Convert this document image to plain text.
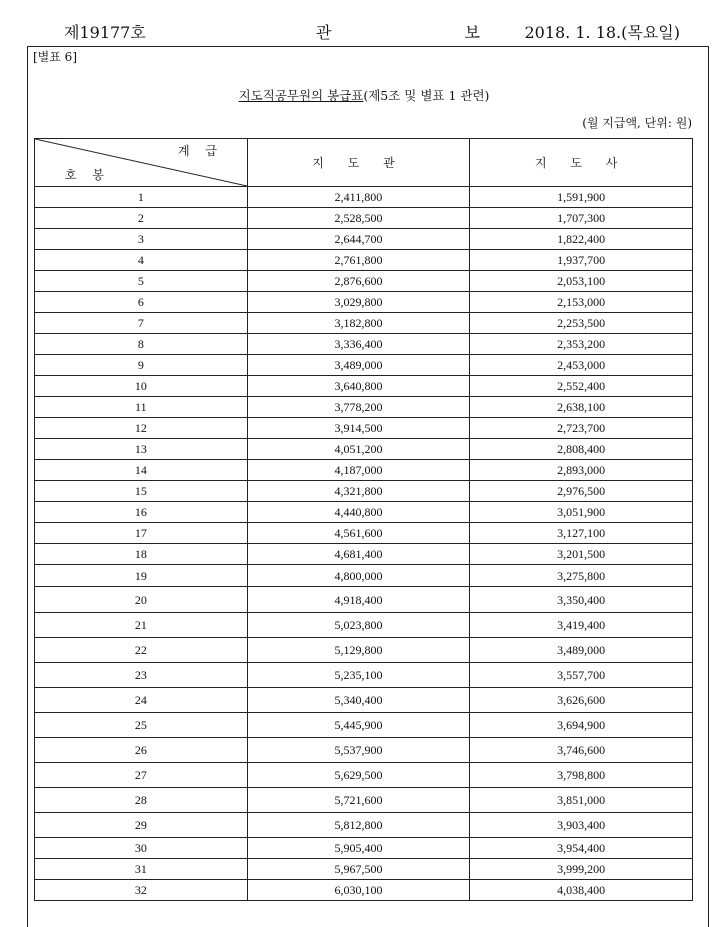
제19177호	관 보
2018. 1. 18.(목요일)
[별표 6]
지도직공무원의 봉급표(제5조 및 별표 1 관련)
(월 지급액, 단위: 원)
계 급
호 봉	지 도 관	지 도 사
1	2,411,800	1,591,900
2	2,528,500	1,707,300
3	2,644,700	1,822,400
4	2,761,800	1,937,700
5	2,876,600	2,053,100
6	3,029,800	2,153,000
7	3,182,800	2,253,500
8	3,336,400	2,353,200
9	3,489,000	2,453,000
10	3,640,800	2,552,400
11	3,778,200	2,638,100
12	3,914,500	2,723,700
13	4,051,200	2,808,400
14	4,187,000	2,893,000
15	4,321,800	2,976,500
16	4,440,800	3,051,900
17	4,561,600	3,127,100
18	4,681,400	3,201,500
19	4,800,000	3,275,800
20	4,918,400	3,350,400
21	5,023,800	3,419,400
22	5,129,800	3,489,000
23	5,235,100	3,557,700
24	5,340,400	3,626,600
25	5,445,900	3,694,900
26	5,537,900	3,746,600
27	5,629,500	3,798,800
28	5,721,600	3,851,000
29	5,812,800	3,903,400
30	5,905,400	3,954,400
31	5,967,500	3,999,200
32	6,030,100	4,038,400
